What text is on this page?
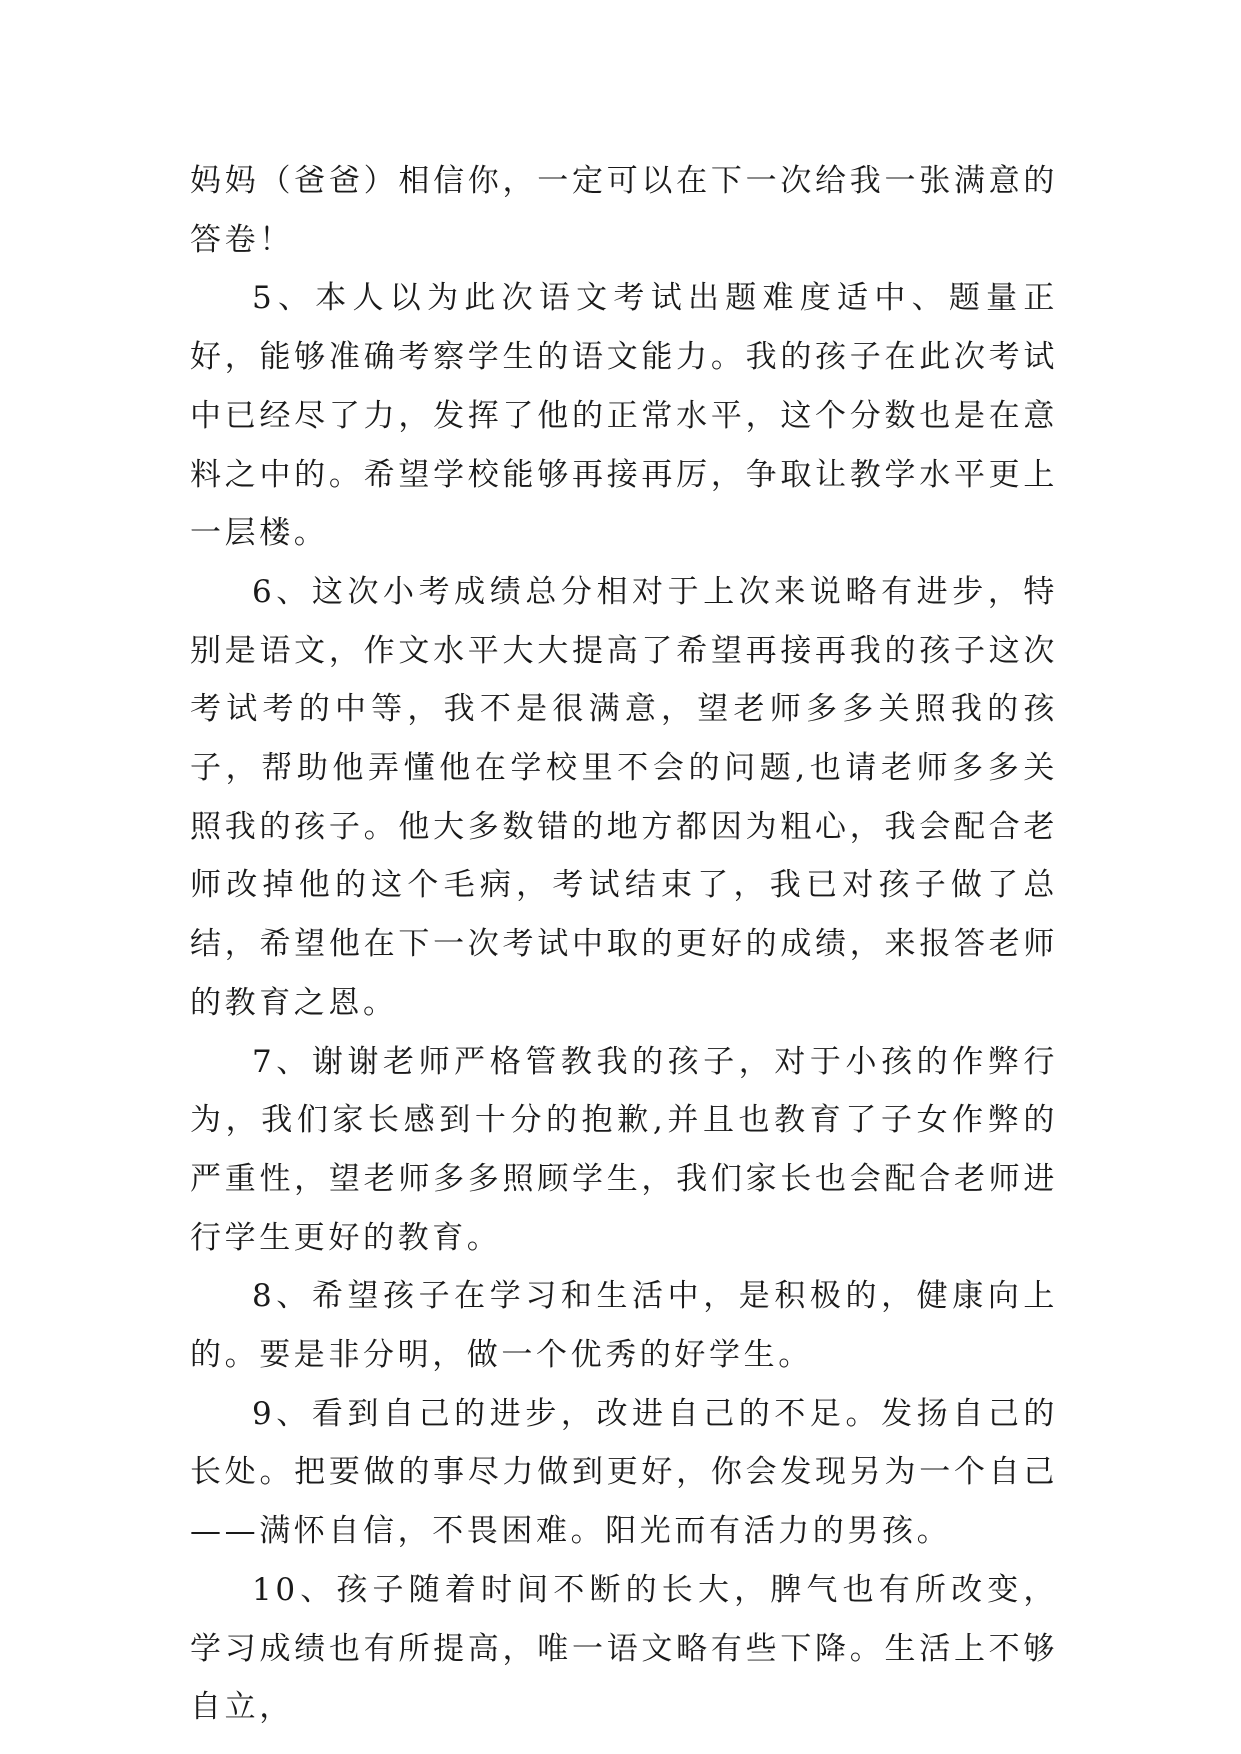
妈妈（爸爸）相信你，一定可以在下一次给我一张满意的答卷！

5、本人以为此次语文考试出题难度适中、题量正好，能够准确考察学生的语文能力。我的孩子在此次考试中已经尽了力，发挥了他的正常水平，这个分数也是在意料之中的。希望学校能够再接再厉，争取让教学水平更上一层楼。

6、这次小考成绩总分相对于上次来说略有进步，特别是语文，作文水平大大提高了希望再接再我的孩子这次考试考的中等，我不是很满意，望老师多多关照我的孩子，帮助他弄懂他在学校里不会的问题,也请老师多多关照我的孩子。他大多数错的地方都因为粗心，我会配合老师改掉他的这个毛病，考试结束了，我已对孩子做了总结，希望他在下一次考试中取的更好的成绩，来报答老师的教育之恩。

7、谢谢老师严格管教我的孩子，对于小孩的作弊行为，我们家长感到十分的抱歉,并且也教育了子女作弊的严重性，望老师多多照顾学生，我们家长也会配合老师进行学生更好的教育。

8、希望孩子在学习和生活中，是积极的，健康向上的。要是非分明，做一个优秀的好学生。

9、看到自己的进步，改进自己的不足。发扬自己的长处。把要做的事尽力做到更好，你会发现另为一个自己——满怀自信，不畏困难。阳光而有活力的男孩。

10、孩子随着时间不断的长大，脾气也有所改变，学习成绩也有所提高，唯一语文略有些下降。生活上不够自立，
